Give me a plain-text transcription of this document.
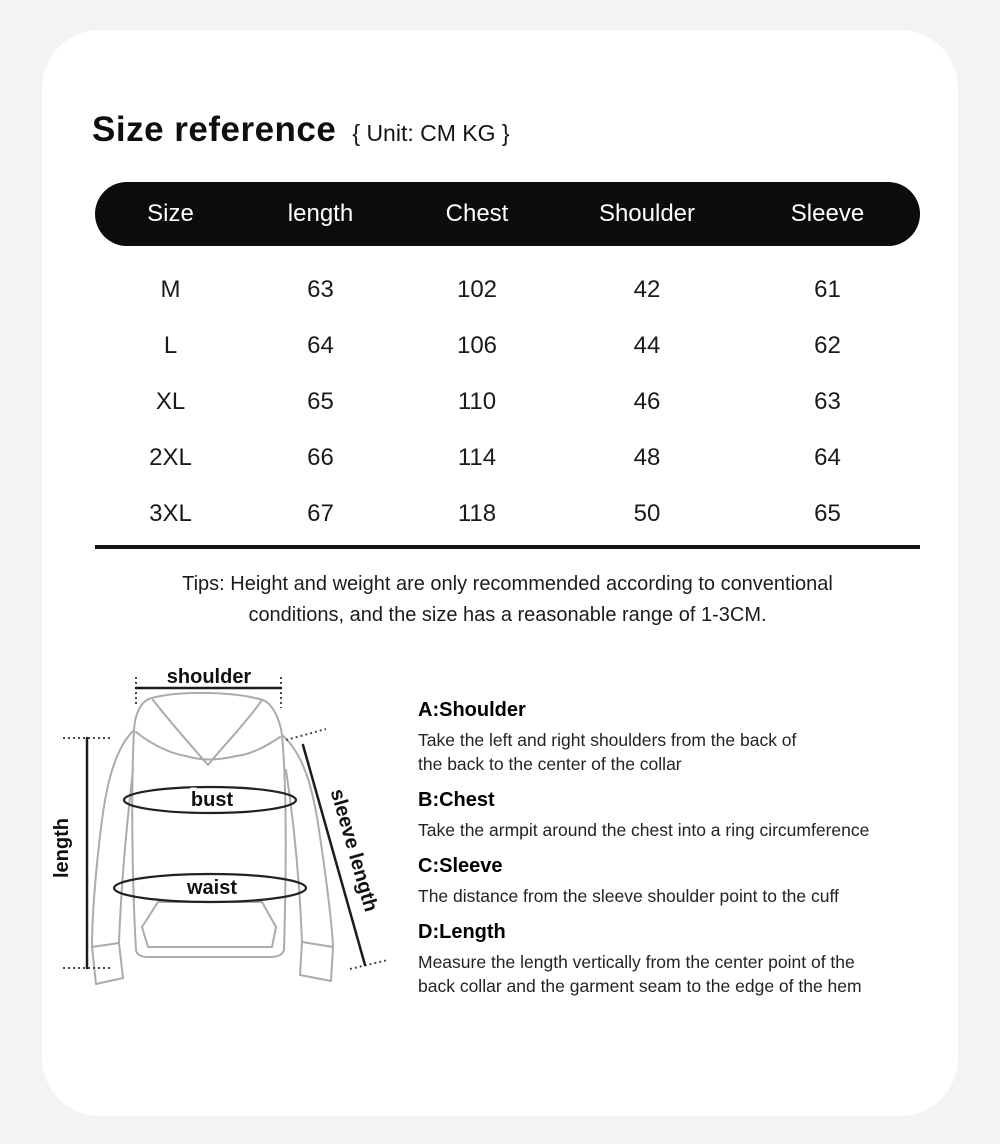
Size reference { Unit: CM KG }
Size	length	Chest	Shoulder	Sleeve
M	63	102	42	61
L	64	106	44	62
XL	65	110	46	63
2XL	66	114	48	64
3XL	67	118	50	65
Tips: Height and weight are only recommended according to conventional
conditions, and the size has a reasonable range of 1-3CM.
shoulder
length
bust
waist	sleeve length
A:Shoulder
Take the left and right shoulders from the back of
the back to the center of the collar
B:Chest
Take the armpit around the chest into a ring circumference
C:Sleeve
The distance from the sleeve shoulder point to the cuff
D:Length
Measure the length vertically from the center point of the
back collar and the garment seam to the edge of the hem
